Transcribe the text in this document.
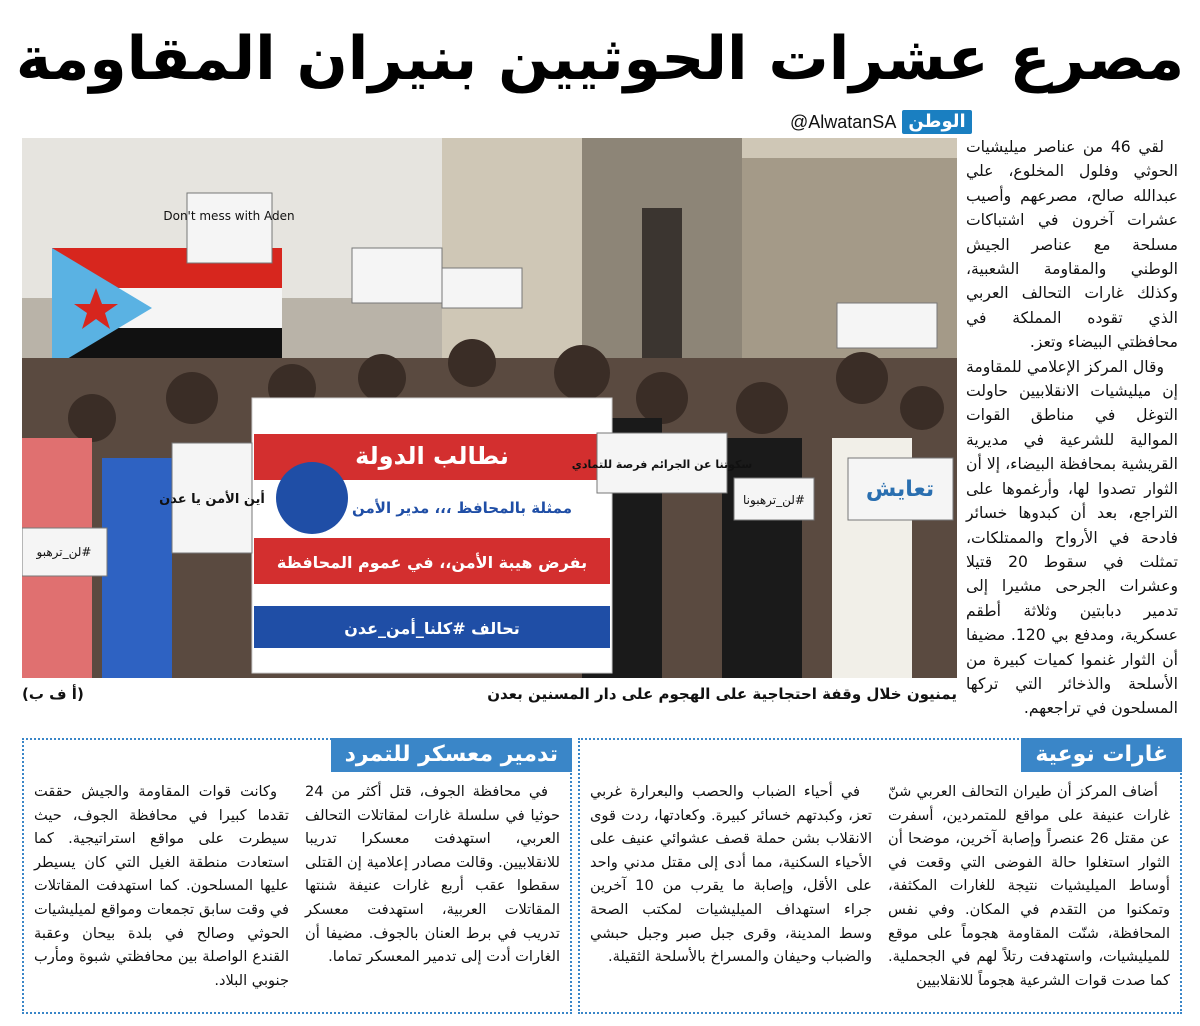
مصرع عشرات الحوثيين بنيران المقاومة
@AlwatanSA الوطن
Don't mess with Aden
نطالب الدولة
ممثلة بالمحافظ ،،، مدير الأمن
بفرض هيبة الأمن،، في عموم المحافظة
تحالف #كلنا_أمن_عدن
سكوتنا عن الجرائم فرصة للتمادي
#لن_ترهبونا	تعايش
أين الأمن يا عدن
#لن_ترهبو
يمنيون خلال وقفة احتجاجية على الهجوم على دار المسنين بعدن
(أ ف ب)

لقي 46 من عناصر ميليشيات الحوثي وفلول المخلوع، علي عبدالله صالح، مصرعهم وأصيب عشرات آخرون في اشتباكات مسلحة مع عناصر الجيش الوطني والمقاومة الشعبية، وكذلك غارات التحالف العربي الذي تقوده المملكة في محافظتي البيضاء وتعز.

وقال المركز الإعلامي للمقاومة إن ميليشيات الانقلابيين حاولت التوغل في مناطق القوات الموالية للشرعية في مديرية القريشية بمحافظة البيضاء، إلا أن الثوار تصدوا لها، وأرغموها على التراجع، بعد أن كبدوها خسائر فادحة في الأرواح والممتلكات، تمثلت في سقوط 20 قتيلا وعشرات الجرحى مشيرا إلى تدمير دبابتين وثلاثة أطقم عسكرية، ومدفع بي 120. مضيفا أن الثوار غنموا كميات كبيرة من الأسلحة والذخائر التي تركها المسلحون في تراجعهم.

غارات نوعية

أضاف المركز أن طيران التحالف العربي شنّ غارات عنيفة على مواقع للمتمردين، أسفرت عن مقتل 26 عنصراً وإصابة آخرين، موضحا أن الثوار استغلوا حالة الفوضى التي وقعت في أوساط الميليشيات نتيجة للغارات المكثفة، وتمكنوا من التقدم في المكان. وفي نفس المحافظة، شنّت المقاومة هجوماً على موقع للميليشيات، واستهدفت رتلاً لهم في الجحملية. كما صدت قوات الشرعية هجوماً للانقلابيين

في أحياء الضباب والحصب والبعرارة غربي تعز، وكبدتهم خسائر كبيرة. وكعادتها، ردت قوى الانقلاب بشن حملة قصف عشوائي عنيف على الأحياء السكنية، مما أدى إلى مقتل مدني واحد على الأقل، وإصابة ما يقرب من 10 آخرين جراء استهداف الميليشيات لمكتب الصحة وسط المدينة، وقرى جبل صبر وجبل حبشي والضباب وحيفان والمسراخ بالأسلحة الثقيلة.

تدمير معسكر للتمرد

في محافظة الجوف، قتل أكثر من 24 حوثيا في سلسلة غارات لمقاتلات التحالف العربي، استهدفت معسكرا تدريبا للانقلابيين. وقالت مصادر إعلامية إن القتلى سقطوا عقب أربع غارات عنيفة شنتها المقاتلات العربية، استهدفت معسكر تدريب في برط العنان بالجوف. مضيفا أن الغارات أدت إلى تدمير المعسكر تماما.

وكانت قوات المقاومة والجيش حققت تقدما كبيرا في محافظة الجوف، حيث سيطرت على مواقع استراتيجية. كما استعادت منطقة الغيل التي كان يسيطر عليها المسلحون. كما استهدفت المقاتلات في وقت سابق تجمعات ومواقع لميليشيات الحوثي وصالح في بلدة بيحان وعقبة القندع الواصلة بين محافظتي شبوة ومأرب جنوبي البلاد.
